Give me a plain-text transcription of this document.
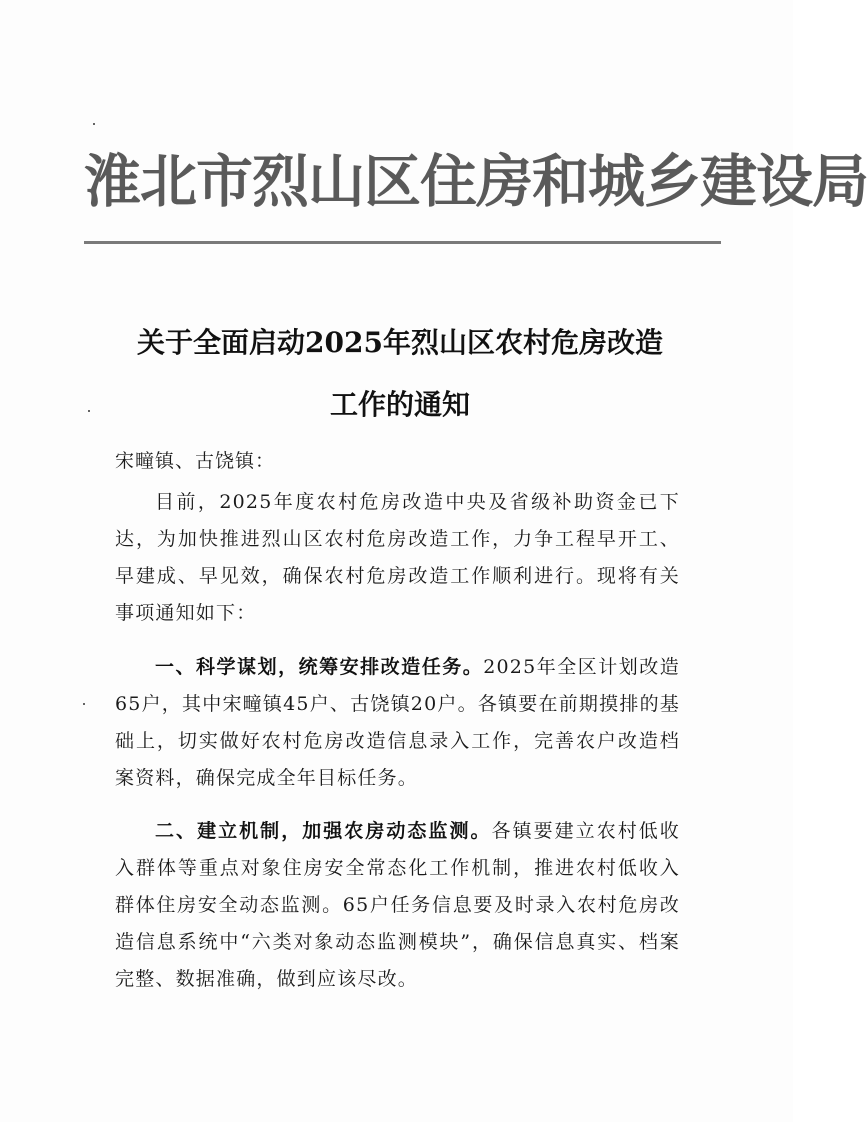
淮北市烈山区住房和城乡建设局
关于全面启动2025年烈山区农村危房改造
工作的通知
宋疃镇、古饶镇：

目前，2025年度农村危房改造中央及省级补助资金已下达，为加快推进烈山区农村危房改造工作，力争工程早开工、早建成、早见效，确保农村危房改造工作顺利进行。现将有关事项通知如下：

一、科学谋划，统筹安排改造任务。2025年全区计划改造65户，其中宋疃镇45户、古饶镇20户。各镇要在前期摸排的基础上，切实做好农村危房改造信息录入工作，完善农户改造档案资料，确保完成全年目标任务。

二、建立机制，加强农房动态监测。各镇要建立农村低收入群体等重点对象住房安全常态化工作机制，推进农村低收入群体住房安全动态监测。65户任务信息要及时录入农村危房改造信息系统中“六类对象动态监测模块”，确保信息真实、档案完整、数据准确，做到应该尽改。
